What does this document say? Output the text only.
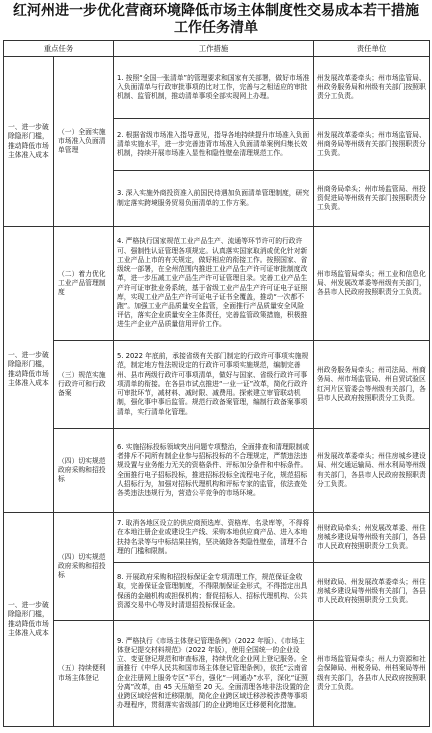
红河州进一步优化营商环境降低市场主体制度性交易成本若干措施
工作任务清单
重点任务		工作措施	责任单位
一、进一步破除隐形门槛，推动降低市场主体准入成本	（一）全面实施市场准入负面清单管理	1. 按照“全国一张清单”的管理要求和国家有关部署，做好市场准入负面清单与行政审批事项的比对工作，完善与之相适应的审批机制、监管机制，推动清单事项全部实现网上办理。	州发展改革委牵头；州市场监管局、州政务服务局和州级有关部门按照职责分工负责。
		2. 根据省级市场准入指导意见，指导各地持续提升市场准入负面清单实施水平，进一步完善违背市场准入负面清单案例归集长效机制，持续开展市场准入显性和隐性壁垒清理规范工作。	州发展改革委牵头；州市场监管局、州商务局等州级有关部门按照职责分工负责。
		3. 深入实施外商投资准入前国民待遇加负面清单管理制度，研究制定落实跨境服务贸易负面清单的工作方案。	州商务局牵头；州市场监管局、州投资促进局等州级有关部门按照职责分工负责。
一、进一步破除隐形门槛，推动降低市场主体准入成本	（二）着力优化工业产品管理制度	4. 严格执行国家规范工业产品生产、流通等环节许可的行政许可、强制性认证管理各项规定。认真落实国家取消或优化针对新工业产品上市的有关规定，做好相应的衔接工作。按照国家、省级统一部署，在全州范围内推进工业产品生产许可证审批制度改革，进一步压减工业产品生产许可证管理目录。完善工业产品生产许可证审批业务系统，基于省级工业产品生产许可证电子证照库，实现工业产品生产许可证电子证书全覆盖，推动“一次都不跑”。加强工业产品质量安全监管，全面推行产品质量安全风险评估，落实企业质量安全主体责任，完善监管政策措施，积极推进生产企业产品质量信用评价工作。	州市场监管局牵头；州工业和信息化局、州发展改革委等州级有关部门，各县市人民政府按照职责分工负责。
	（三）规范实施行政许可和行政备案	5. 2022 年底前，承接省级有关部门制定的行政许可事项实施规范，制定地方性法规设定的行政许可事项实施规范，编制完善州、县市两级行政许可事项清单，做好与国家、省级行政许可事项清单的衔接。在各县市试点推进“一业一证”改革，简化行政许可审批环节，减材料、减时限、减费用。探索建立审管联动机制，强化事中事后监管。规范行政备案管理，编制行政备案事项清单，实行清单化管理。	州政务服务局牵头；州司法局、州商务局、州市场监管局、州自贸试验区红河片区管委会等州级有关部门，各县市人民政府按照职责分工负责。
	（四）切实规范政府采购和招投标	6. 实施招标投标领域突出问题专项整治，全面排查和清理限制或者排斥不同所有制企业参与招标投标的不合理规定，严禁违法违规设置与业务能力无关的资格条件、评标加分条件和中标条件。全面推行电子招标投标，推进招标投标全流程电子化，规范招标人招标行为，加强对招标代理机构和评标专家的监管，依法查处各类违法违规行为，营造公平竞争的市场环境。	州发展改革委牵头；州住房城乡建设局、州交通运输局、州水利局等州级有关部门，各县市人民政府按照职责分工负责。
一、进一步破除隐形门槛，推动降低市场主体准入成本	（四）切实规范政府采购和招投标	7. 取消各地区设立的供应商预选库、资格库、名录库等，不得将在本地注册企业或建设生产线、采购本地供应商产品、进入本地扶持名录等与中标结果挂钩，坚决破除各类隐性壁垒，清理不合理的门槛和限制。	州财政局牵头；州发展改革委、州住房城乡建设局等州级有关部门，各县市人民政府按照职责分工负责。
		8. 开展政府采购和招投标保证金专项清理工作，规范保证金收取，完善保证金管理制度，不得限制保证金形式，不得指定出具保函的金融机构或担保机构；督促招标人、招标代理机构、公共资源交易中心等及时清退招投标保证金。	州财政局、州发展改革委牵头；州住房城乡建设局等州级有关部门，各县市人民政府按照职责分工负责。
	（五）持续便利市场主体登记	9. 严格执行《市场主体登记管理条例》（2022 年版）、《市场主体登记提交材料规范》（2022 年版），使用全国统一的企业设立、变更登记规范和审查标准，持续优化企业网上登记服务。全面推行《中华人民共和国市场主体登记管理条例》，依托“云南省企业注册网上服务专区”平台，强化“一网通办”水平，深化“证照分离”改革，由 45 天压缩至 20 天。全面清理各地非法设置的企业跨区域经营和迁移限制，简化企业跨区域迁移涉税涉费等事项办理程序，贯彻落实省级部门的企业跨地区迁移便利化措施。	州市场监管局牵头；州人力资源和社会保障局、州税务局、州档案局等州级有关部门，各县市人民政府按照职责分工负责。
